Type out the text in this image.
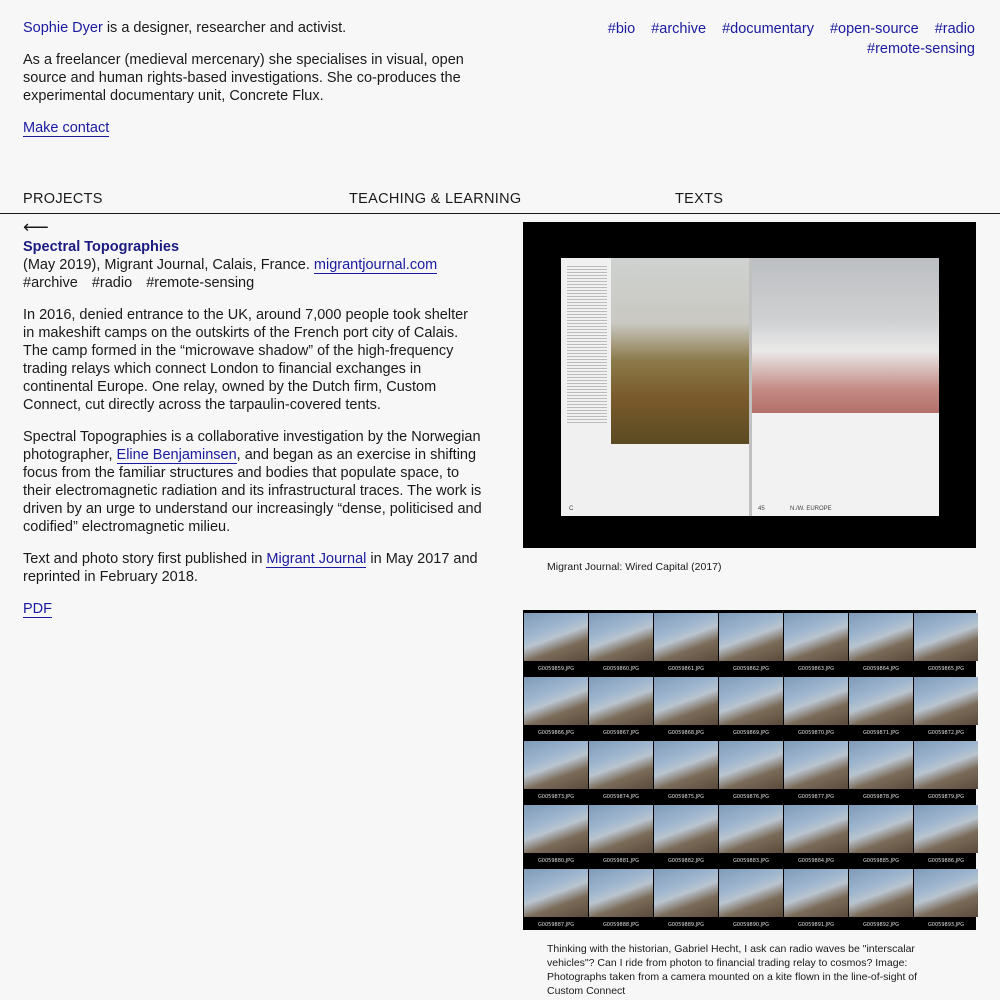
Sophie Dyer is a designer, researcher and activist.

As a freelancer (medieval mercenary) she specialises in visual, open source and human rights-based investigations. She co-produces the experimental documentary unit, Concrete Flux.

Make contact

#bio #archive #documentary #open-source #radio
#remote-sensing
PROJECTS	TEACHING & LEARNING	TEXTS
⟵
Spectral Topographies
(May 2019), Migrant Journal, Calais, France. migrantjournal.com
#archive #radio #remote-sensing

In 2016, denied entrance to the UK, around 7,000 people took shelter in makeshift camps on the outskirts of the French port city of Calais. The camp formed in the “microwave shadow” of the high-frequency trading relays which connect London to financial exchanges in continental Europe. One relay, owned by the Dutch firm, Custom Connect, cut directly across the tarpaulin-covered tents.

Spectral Topographies is a collaborative investigation by the Norwegian photographer, Eline Benjaminsen, and began as an exercise in shifting focus from the familiar structures and bodies that populate space, to their electromagnetic radiation and its infrastructural traces. The work is driven by an urge to understand our increasingly “dense, politicised and codified” electromagnetic milieu.

Text and photo story first published in Migrant Journal in May 2017 and reprinted in February 2018.

PDF

C	45	N./W. EUROPE
Migrant Journal: Wired Capital (2017)
G0059859.JPG	G0059860.JPG	G0059861.JPG	G0059862.JPG	G0059863.JPG	G0059864.JPG	G0059865.JPG
G0059866.JPG	G0059867.JPG	G0059868.JPG	G0059869.JPG	G0059870.JPG	G0059871.JPG	G0059872.JPG
G0059873.JPG	G0059874.JPG	G0059875.JPG	G0059876.JPG	G0059877.JPG	G0059878.JPG	G0059879.JPG
G0059880.JPG	G0059881.JPG	G0059882.JPG	G0059883.JPG	G0059884.JPG	G0059885.JPG	G0059886.JPG
G0059887.JPG	G0059888.JPG	G0059889.JPG	G0059890.JPG	G0059891.JPG	G0059892.JPG	G0059893.JPG
Thinking with the historian, Gabriel Hecht, I ask can radio waves be "interscalar vehicles"? Can I ride from photon to financial trading relay to cosmos? Image: Photographs taken from a camera mounted on a kite flown in the line-of-sight of Custom Connect
